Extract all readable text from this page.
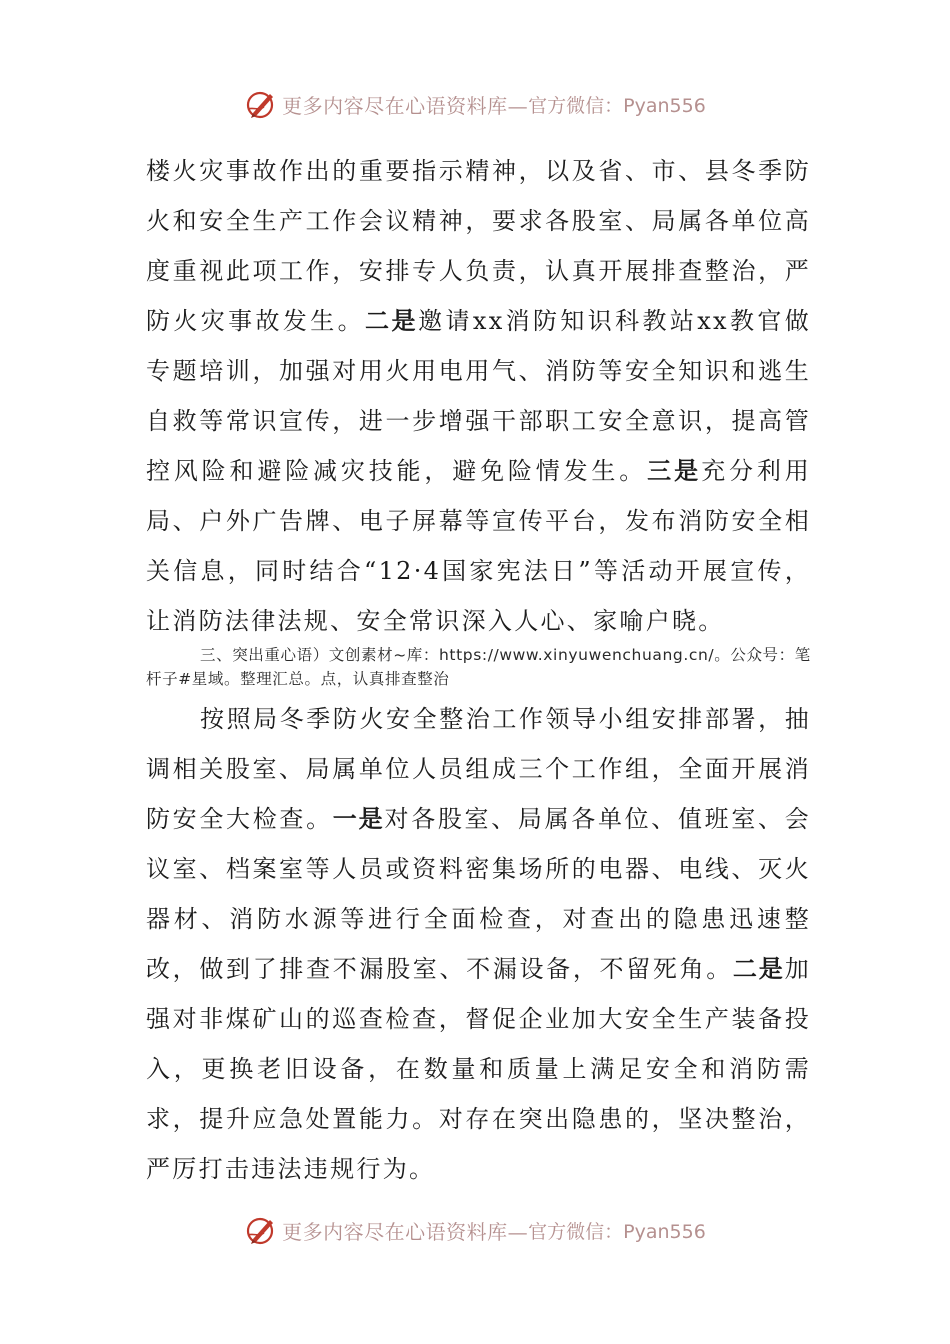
更多内容尽在心语资料库— 官方微信：Pyan556

楼火灾事故作出的重要指示精神，以及省、市、县冬季防火和安全生产工作会议精神，要求各股室、局属各单位高度重视此项工作，安排专人负责，认真开展排查整治，严防火灾事故发生。二是邀请xx消防知识科教站xx教官做专题培训，加强对用火用电用气、消防等安全知识和逃生自救等常识宣传，进一步增强干部职工安全意识，提高管控风险和避险减灾技能，避免险情发生。三是充分利用局、户外广告牌、电子屏幕等宣传平台，发布消防安全相关信息，同时结合“12·4国家宪法日”等活动开展宣传，让消防法律法规、安全常识深入人心、家喻户晓。

三、突出重心语）文创素材~库：https://www.xinyuwenchuang.cn/。公众号：笔杆子#星域。整理汇总。点，认真排查整治

按照局冬季防火安全整治工作领导小组安排部署，抽调相关股室、局属单位人员组成三个工作组，全面开展消防安全大检查。一是对各股室、局属各单位、值班室、会议室、档案室等人员或资料密集场所的电器、电线、灭火器材、消防水源等进行全面检查，对查出的隐患迅速整改，做到了排查不漏股室、不漏设备，不留死角。二是加强对非煤矿山的巡查检查，督促企业加大安全生产装备投入，更换老旧设备，在数量和质量上满足安全和消防需求，提升应急处置能力。对存在突出隐患的，坚决整治，严厉打击违法违规行为。

更多内容尽在心语资料库— 官方微信：Pyan556
